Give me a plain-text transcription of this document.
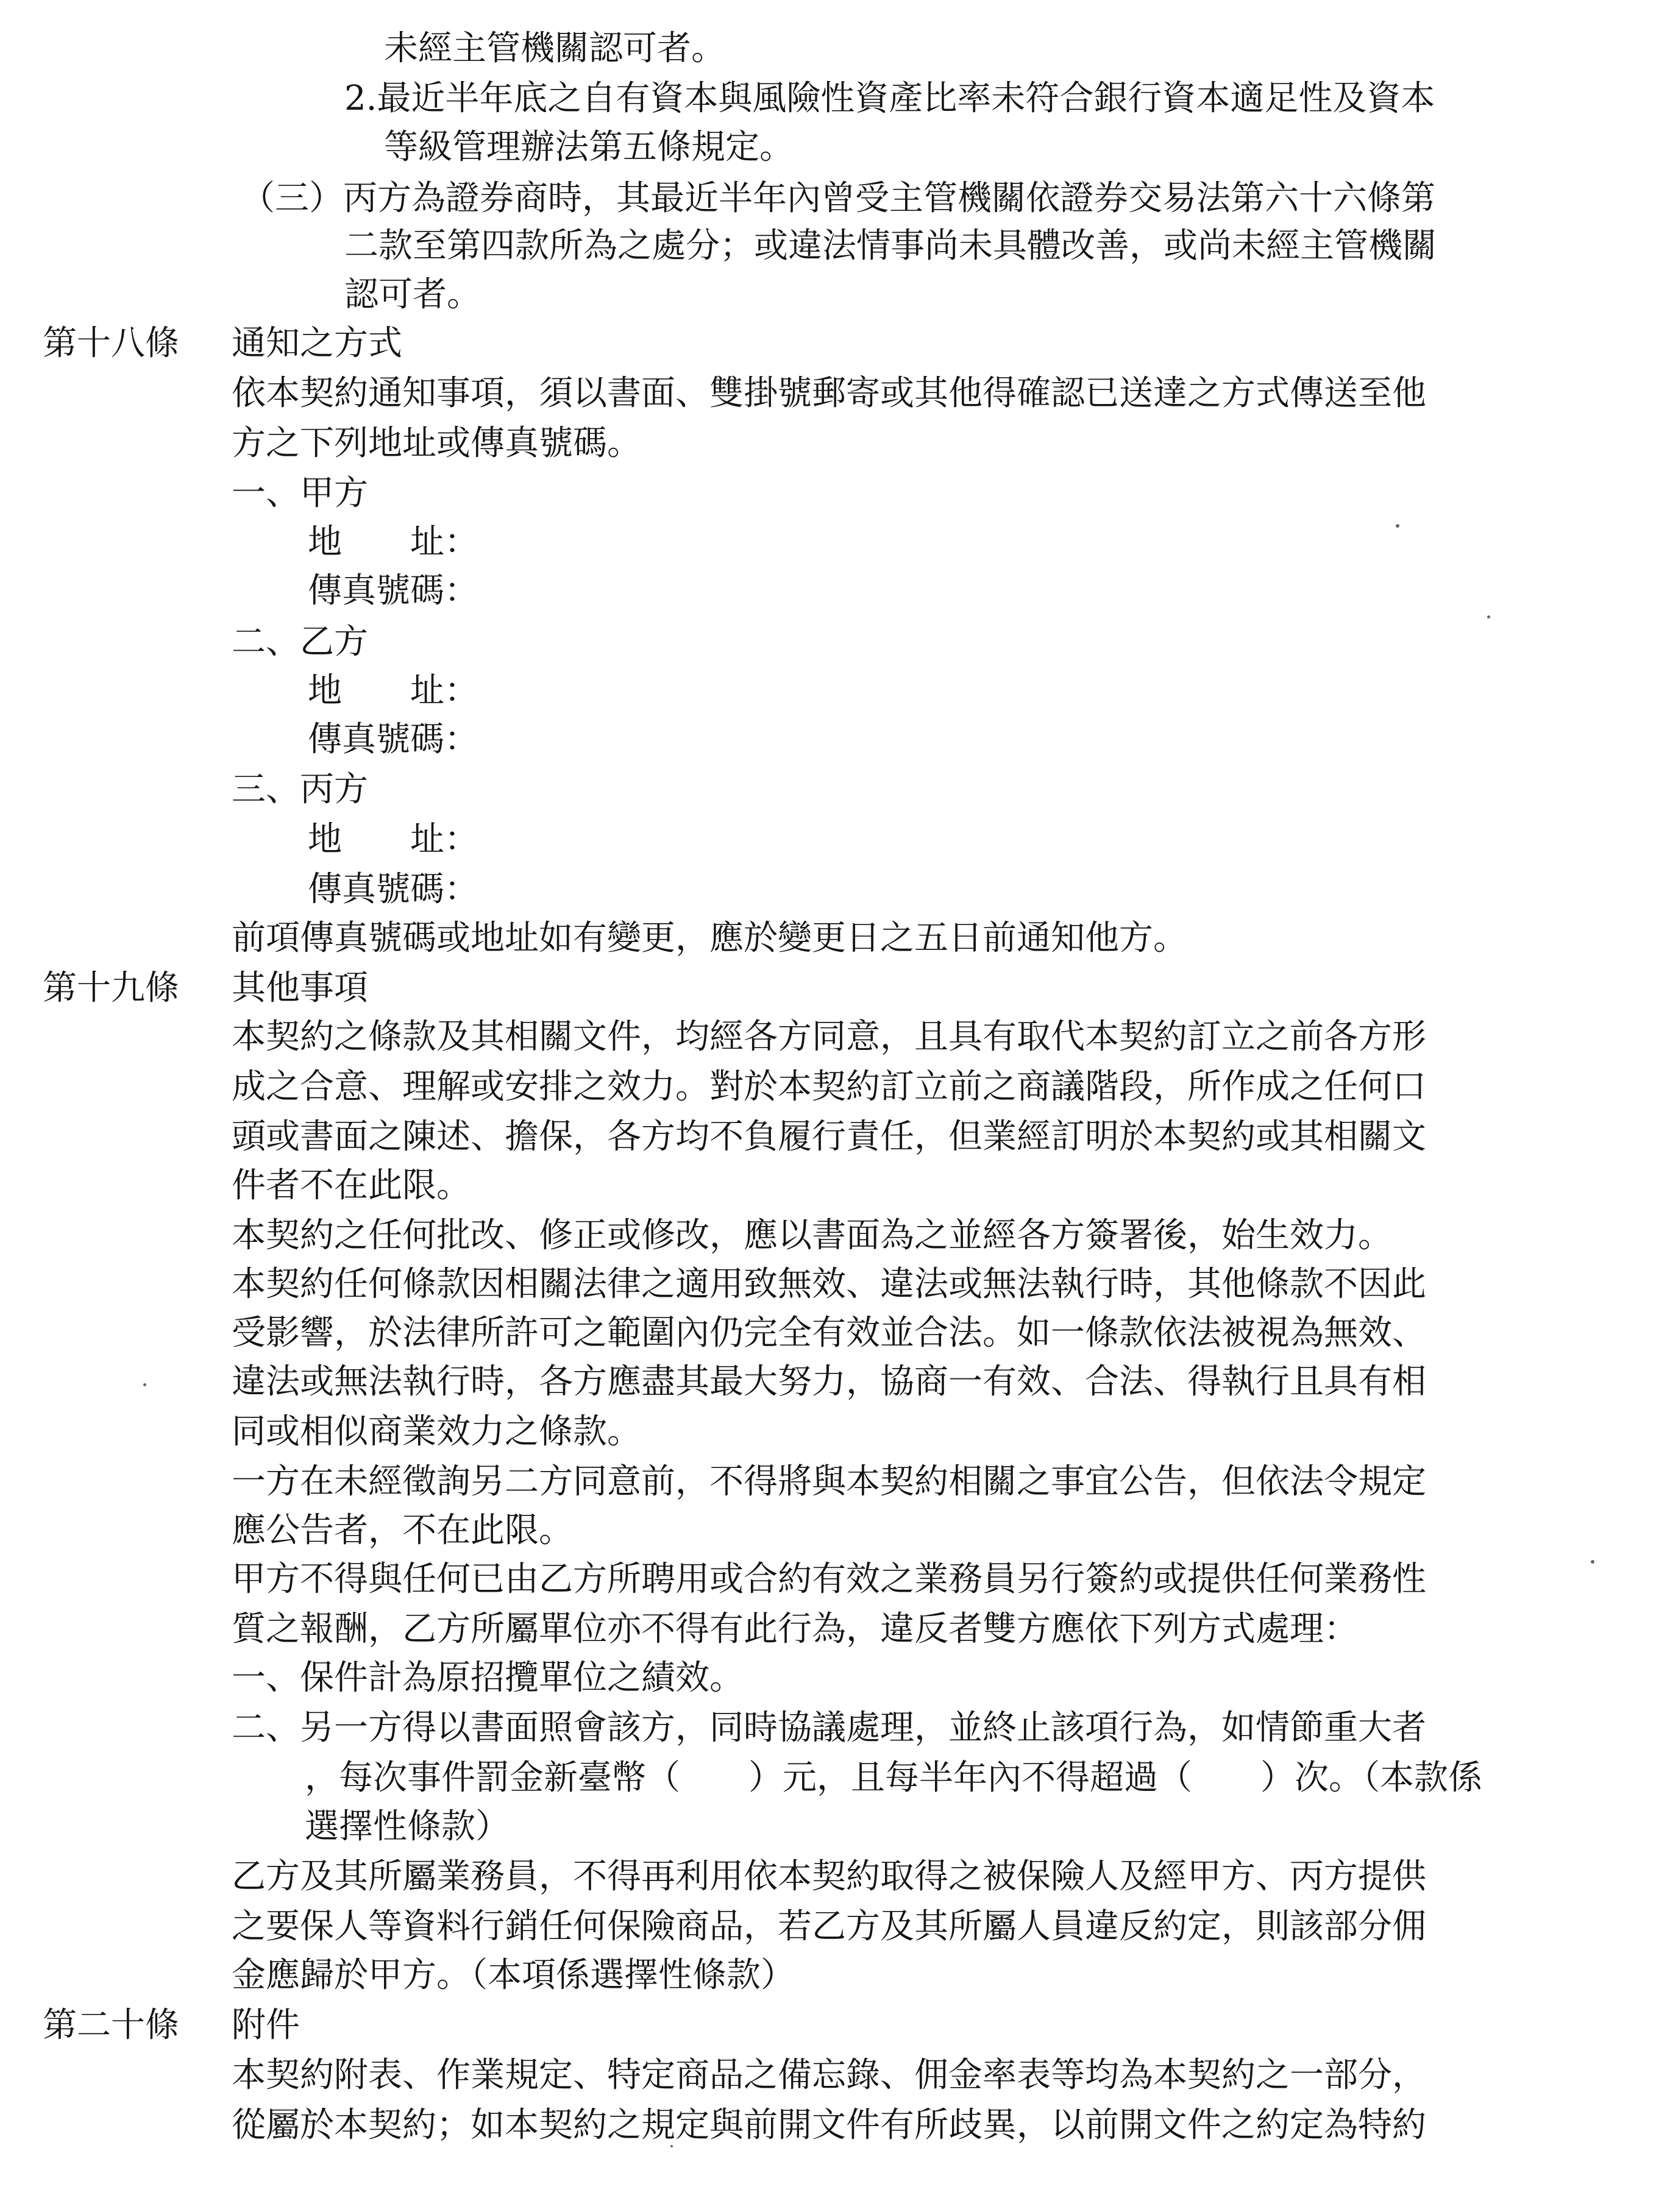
未經主管機關認可者。
2.最近半年底之自有資本與風險性資產比率未符合銀行資本適足性及資本
等級管理辦法第五條規定。
（三）丙方為證券商時，其最近半年內曾受主管機關依證券交易法第六十六條第
二款至第四款所為之處分；或違法情事尚未具體改善，或尚未經主管機關
認可者。
第十八條 通知之方式
依本契約通知事項，須以書面、雙掛號郵寄或其他得確認已送達之方式傳送至他
方之下列地址或傳真號碼。
一、甲方
地　　址：
傳真號碼：
二、乙方
地　　址：
傳真號碼：
三、丙方
地　　址：
傳真號碼：
前項傳真號碼或地址如有變更，應於變更日之五日前通知他方。
第十九條 其他事項
本契約之條款及其相關文件，均經各方同意，且具有取代本契約訂立之前各方形
成之合意、理解或安排之效力。對於本契約訂立前之商議階段，所作成之任何口
頭或書面之陳述、擔保，各方均不負履行責任，但業經訂明於本契約或其相關文
件者不在此限。
本契約之任何批改、修正或修改，應以書面為之並經各方簽署後，始生效力。
本契約任何條款因相關法律之適用致無效、違法或無法執行時，其他條款不因此
受影響，於法律所許可之範圍內仍完全有效並合法。如一條款依法被視為無效、
違法或無法執行時，各方應盡其最大努力，協商一有效、合法、得執行且具有相
同或相似商業效力之條款。
一方在未經徵詢另二方同意前，不得將與本契約相關之事宜公告，但依法令規定
應公告者，不在此限。
甲方不得與任何已由乙方所聘用或合約有效之業務員另行簽約或提供任何業務性
質之報酬，乙方所屬單位亦不得有此行為，違反者雙方應依下列方式處理：
一、保件計為原招攬單位之績效。
二、另一方得以書面照會該方，同時協議處理，並終止該項行為，如情節重大者
，每次事件罰金新臺幣（　　）元，且每半年內不得超過（　　）次。（本款係
選擇性條款）
乙方及其所屬業務員，不得再利用依本契約取得之被保險人及經甲方、丙方提供
之要保人等資料行銷任何保險商品，若乙方及其所屬人員違反約定，則該部分佣
金應歸於甲方。（本項係選擇性條款）
第二十條 附件
本契約附表、作業規定、特定商品之備忘錄、佣金率表等均為本契約之一部分，
從屬於本契約；如本契約之規定與前開文件有所歧異，以前開文件之約定為特約
